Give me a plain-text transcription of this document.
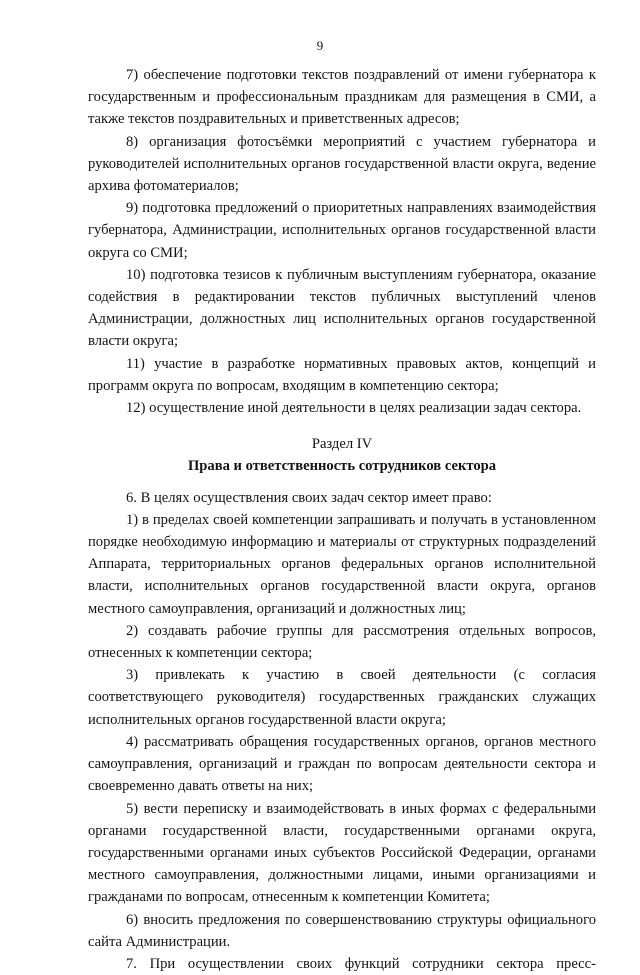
9

7) обеспечение подготовки текстов поздравлений от имени губернатора к государственным и профессиональным праздникам для размещения в СМИ, а также текстов поздравительных и приветственных адресов;

8) организация фотосъёмки мероприятий с участием губернатора и руководителей исполнительных органов государственной власти округа, ведение архива фотоматериалов;

9) подготовка предложений о приоритетных направлениях взаимодействия губернатора, Администрации, исполнительных органов государственной власти округа со СМИ;

10) подготовка тезисов к публичным выступлениям губернатора, оказание содействия в редактировании текстов публичных выступлений членов Администрации, должностных лиц исполнительных органов государственной власти округа;

11) участие в разработке нормативных правовых актов, концепций и программ округа по вопросам, входящим в компетенцию сектора;

12) осуществление иной деятельности в целях реализации задач сектора.

Раздел IV

Права и ответственность сотрудников сектора

6. В целях осуществления своих задач сектор имеет право:

1) в пределах своей компетенции запрашивать и получать в установленном порядке необходимую информацию и материалы от структурных подразделений Аппарата, территориальных органов федеральных органов исполнительной власти, исполнительных органов государственной власти округа, органов местного самоуправления, организаций и должностных лиц;

2) создавать рабочие группы для рассмотрения отдельных вопросов, отнесенных к компетенции сектора;

3) привлекать к участию в своей деятельности (с согласия соответствующего руководителя) государственных гражданских служащих исполнительных органов государственной власти округа;

4) рассматривать обращения государственных органов, органов местного самоуправления, организаций и граждан по вопросам деятельности сектора и своевременно давать ответы на них;

5) вести переписку и взаимодействовать в иных формах с федеральными органами государственной власти, государственными органами округа, государственными органами иных субъектов Российской Федерации, органами местного самоуправления, должностными лицами, иными организациями и гражданами по вопросам, отнесенным к компетенции Комитета;

6) вносить предложения по совершенствованию структуры официального сайта Администрации.

7. При осуществлении своих функций сотрудники сектора пресс-
